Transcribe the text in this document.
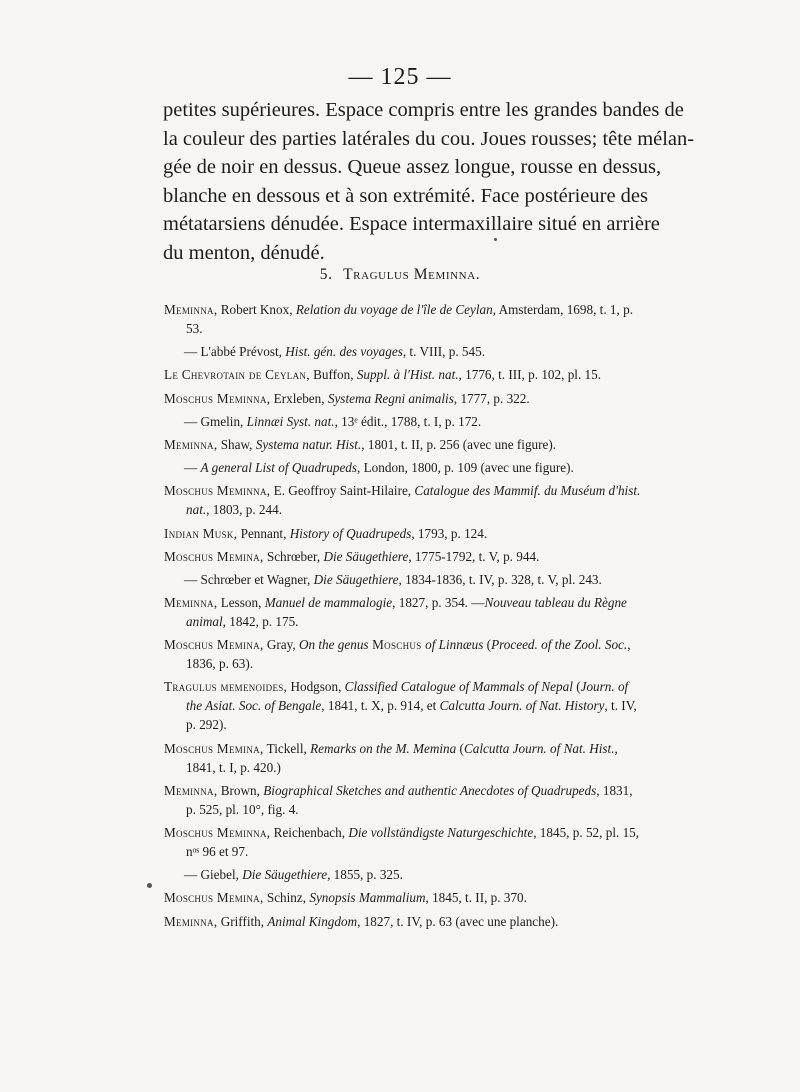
— 125 —
petites supérieures. Espace compris entre les grandes bandes de
la couleur des parties latérales du cou. Joues rousses; tête mélan-
gée de noir en dessus. Queue assez longue, rousse en dessus,
blanche en dessous et à son extrémité. Face postérieure des
métatarsiens dénudée. Espace intermaxillaire situé en arrière
du menton, dénudé.
5. Tragulus Meminna.
Meminna, Robert Knox, Relation du voyage de l'île de Ceylan, Amsterdam, 1698, t. 1, p. 53.
— L'abbé Prévost, Hist. gén. des voyages, t. VIII, p. 545.
Le Chevrotain de Ceylan, Buffon, Suppl. à l'Hist. nat., 1776, t. III, p. 102, pl. 15.
Moschus Meminna, Erxleben, Systema Regni animalis, 1777, p. 322.
— Gmelin, Linnæi Syst. nat., 13ᵉ édit., 1788, t. I, p. 172.
Meminna, Shaw, Systema natur. Hist., 1801, t. II, p. 256 (avec une figure).
— A general List of Quadrupeds, London, 1800, p. 109 (avec une figure).
Moschus Meminna, E. Geoffroy Saint-Hilaire, Catalogue des Mammif. du Muséum d'hist. nat., 1803, p. 244.
Indian Musk, Pennant, History of Quadrupeds, 1793, p. 124.
Moschus Memina, Schrœber, Die Säugethiere, 1775-1792, t. V, p. 944.
— Schrœber et Wagner, Die Säugethiere, 1834-1836, t. IV, p. 328, t. V, pl. 243.
Meminna, Lesson, Manuel de mammalogie, 1827, p. 354. —Nouveau tableau du Règne animal, 1842, p. 175.
Moschus Memina, Gray, On the genus Moschus of Linnæus (Proceed. of the Zool. Soc., 1836, p. 63).
Tragulus memenoides, Hodgson, Classified Catalogue of Mammals of Nepal (Journ. of the Asiat. Soc. of Bengale, 1841, t. X, p. 914, et Calcutta Journ. of Nat. History, t. IV, p. 292).
Moschus Memina, Tickell, Remarks on the M. Memina (Calcutta Journ. of Nat. Hist., 1841, t. I, p. 420.)
Meminna, Brown, Biographical Sketches and authentic Anecdotes of Quadrupeds, 1831, p. 525, pl. 10°, fig. 4.
Moschus Meminna, Reichenbach, Die vollständigste Naturgeschichte, 1845, p. 52, pl. 15, nᵒˢ 96 et 97.
— Giebel, Die Säugethiere, 1855, p. 325.
Moschus Memina, Schinz, Synopsis Mammalium, 1845, t. II, p. 370.
Meminna, Griffith, Animal Kingdom, 1827, t. IV, p. 63 (avec une planche).
